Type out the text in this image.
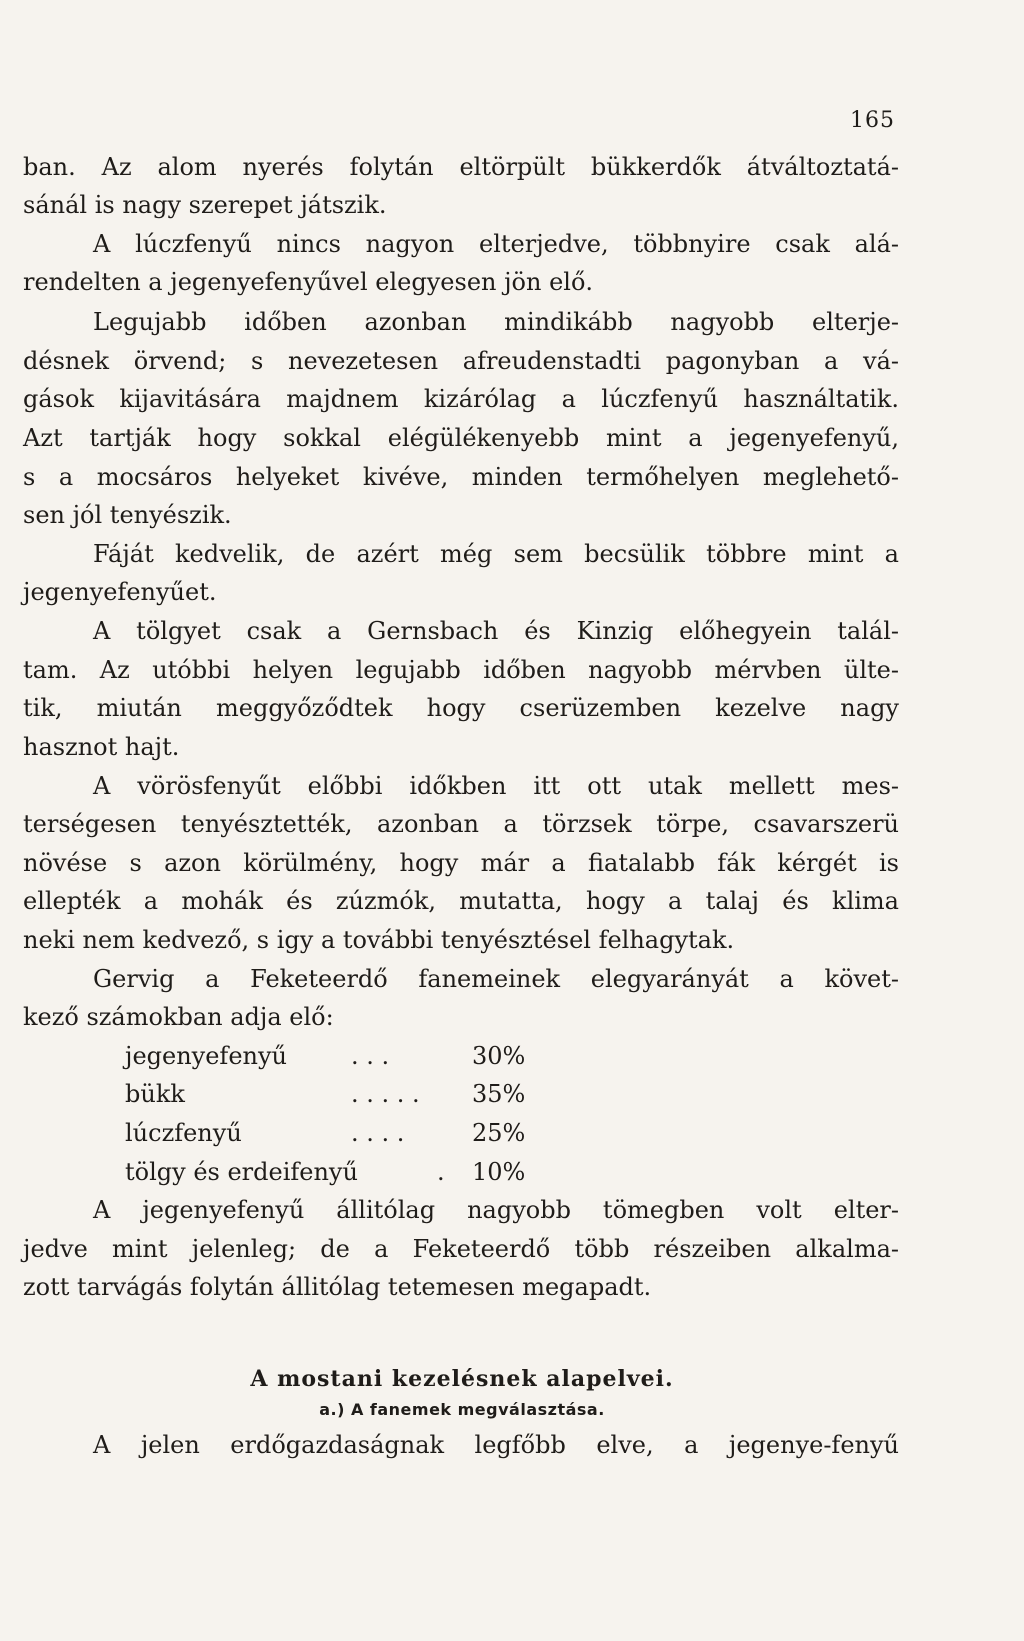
165
ban. Az alom nyerés folytán eltörpült bükkerdők átváltoztatá-
sánál is nagy szerepet játszik.
A lúczfenyű nincs nagyon elterjedve, többnyire csak alá-
rendelten a jegenyefenyűvel elegyesen jön elő.
Legujabb időben azonban mindikább nagyobb elterje-
désnek örvend; s nevezetesen afreudenstadti pagonyban a vá-
gások kijavitására majdnem kizárólag a lúczfenyű használtatik.
Azt tartják hogy sokkal elégülékenyebb mint a jegenyefenyű,
s a mocsáros helyeket kivéve, minden termőhelyen meglehető-
sen jól tenyészik.
Fáját kedvelik, de azért még sem becsülik többre mint a
jegenyefenyűet.
A tölgyet csak a Gernsbach és Kinzig előhegyein talál-
tam. Az utóbbi helyen legujabb időben nagyobb mérvben ülte-
tik, miután meggyőződtek hogy cserüzemben kezelve nagy
hasznot hajt.
A vörösfenyűt előbbi időkben itt ott utak mellett mes-
terségesen tenyésztették, azonban a törzsek törpe, csavarszerü
növése s azon körülmény, hogy már a fiatalabb fák kérgét is
ellepték a mohák és zúzmók, mutatta, hogy a talaj és klima
neki nem kedvező, s igy a további tenyésztésel felhagytak.
Gervig a Feketeerdő fanemeinek elegyarányát a követ-
kező számokban adja elő:
jegenyefenyű	. . .	30%
bükk	. . . . . 35%
lúczfenyű	. . . .	25%
tölgy és erdeifenyű	. 10%
A jegenyefenyű állitólag nagyobb tömegben volt elter-
jedve mint jelenleg; de a Feketeerdő több részeiben alkalma-
zott tarvágás folytán állitólag tetemesen megapadt.
A mostani kezelésnek alapelvei.
a.) A fanemek megválasztása.
A jelen erdőgazdaságnak legfőbb elve, a jegenye-fenyű
